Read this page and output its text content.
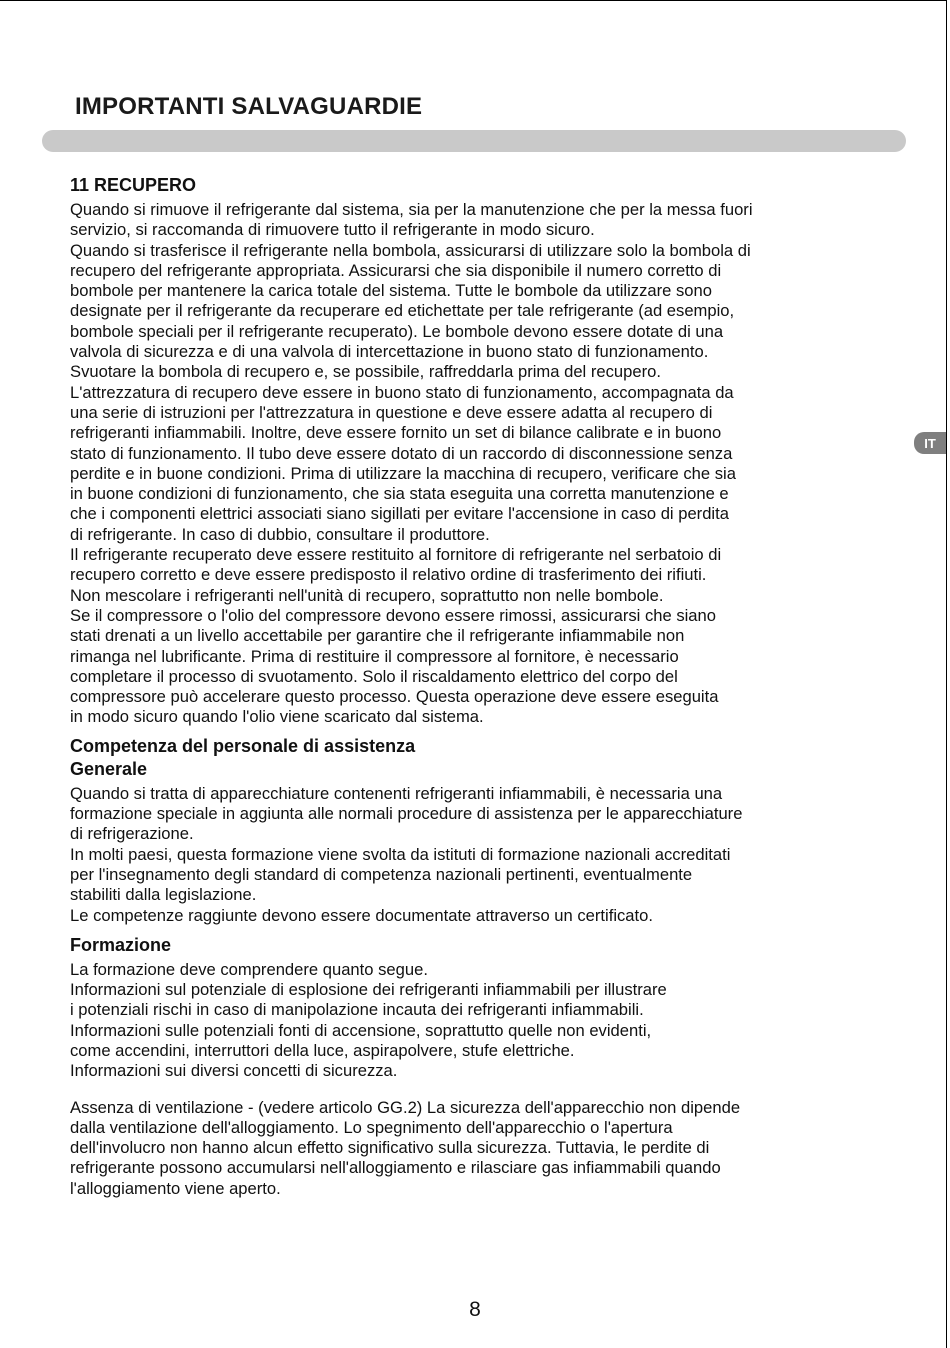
IMPORTANTI SALVAGUARDIE
IT
11 RECUPERO

Quando si rimuove il refrigerante dal sistema, sia per la manutenzione che per la messa fuori
servizio, si raccomanda di rimuovere tutto il refrigerante in modo sicuro.
Quando si trasferisce il refrigerante nella bombola, assicurarsi di utilizzare solo la bombola di
recupero del refrigerante appropriata. Assicurarsi che sia disponibile il numero corretto di
bombole per mantenere la carica totale del sistema. Tutte le bombole da utilizzare sono
designate per il refrigerante da recuperare ed etichettate per tale refrigerante (ad esempio,
bombole speciali per il refrigerante recuperato). Le bombole devono essere dotate di una
valvola di sicurezza e di una valvola di intercettazione in buono stato di funzionamento.
Svuotare la bombola di recupero e, se possibile, raffreddarla prima del recupero.
L'attrezzatura di recupero deve essere in buono stato di funzionamento, accompagnata da
una serie di istruzioni per l'attrezzatura in questione e deve essere adatta al recupero di
refrigeranti infiammabili. Inoltre, deve essere fornito un set di bilance calibrate e in buono
stato di funzionamento. Il tubo deve essere dotato di un raccordo di disconnessione senza
perdite e in buone condizioni. Prima di utilizzare la macchina di recupero, verificare che sia
in buone condizioni di funzionamento, che sia stata eseguita una corretta manutenzione e
che i componenti elettrici associati siano sigillati per evitare l'accensione in caso di perdita
di refrigerante. In caso di dubbio, consultare il produttore.
Il refrigerante recuperato deve essere restituito al fornitore di refrigerante nel serbatoio di
recupero corretto e deve essere predisposto il relativo ordine di trasferimento dei rifiuti.
Non mescolare i refrigeranti nell'unità di recupero, soprattutto non nelle bombole.
Se il compressore o l'olio del compressore devono essere rimossi, assicurarsi che siano
stati drenati a un livello accettabile per garantire che il refrigerante infiammabile non
rimanga nel lubrificante. Prima di restituire il compressore al fornitore, è necessario
completare il processo di svuotamento. Solo il riscaldamento elettrico del corpo del
compressore può accelerare questo processo. Questa operazione deve essere eseguita
in modo sicuro quando l'olio viene scaricato dal sistema.

Competenza del personale di assistenza
Generale

Quando si tratta di apparecchiature contenenti refrigeranti infiammabili, è necessaria una
formazione speciale in aggiunta alle normali procedure di assistenza per le apparecchiature
di refrigerazione.
In molti paesi, questa formazione viene svolta da istituti di formazione nazionali accreditati
per l'insegnamento degli standard di competenza nazionali pertinenti, eventualmente
stabiliti dalla legislazione.
Le competenze raggiunte devono essere documentate attraverso un certificato.

Formazione

La formazione deve comprendere quanto segue.
Informazioni sul potenziale di esplosione dei refrigeranti infiammabili per illustrare
i potenziali rischi in caso di manipolazione incauta dei refrigeranti infiammabili.
Informazioni sulle potenziali fonti di accensione, soprattutto quelle non evidenti,
come accendini, interruttori della luce, aspirapolvere, stufe elettriche.
Informazioni sui diversi concetti di sicurezza.

Assenza di ventilazione - (vedere articolo GG.2) La sicurezza dell'apparecchio non dipende
dalla ventilazione dell'alloggiamento. Lo spegnimento dell'apparecchio o l'apertura
dell'involucro non hanno alcun effetto significativo sulla sicurezza. Tuttavia, le perdite di
refrigerante possono accumularsi nell'alloggiamento e rilasciare gas infiammabili quando
l'alloggiamento viene aperto.

8
